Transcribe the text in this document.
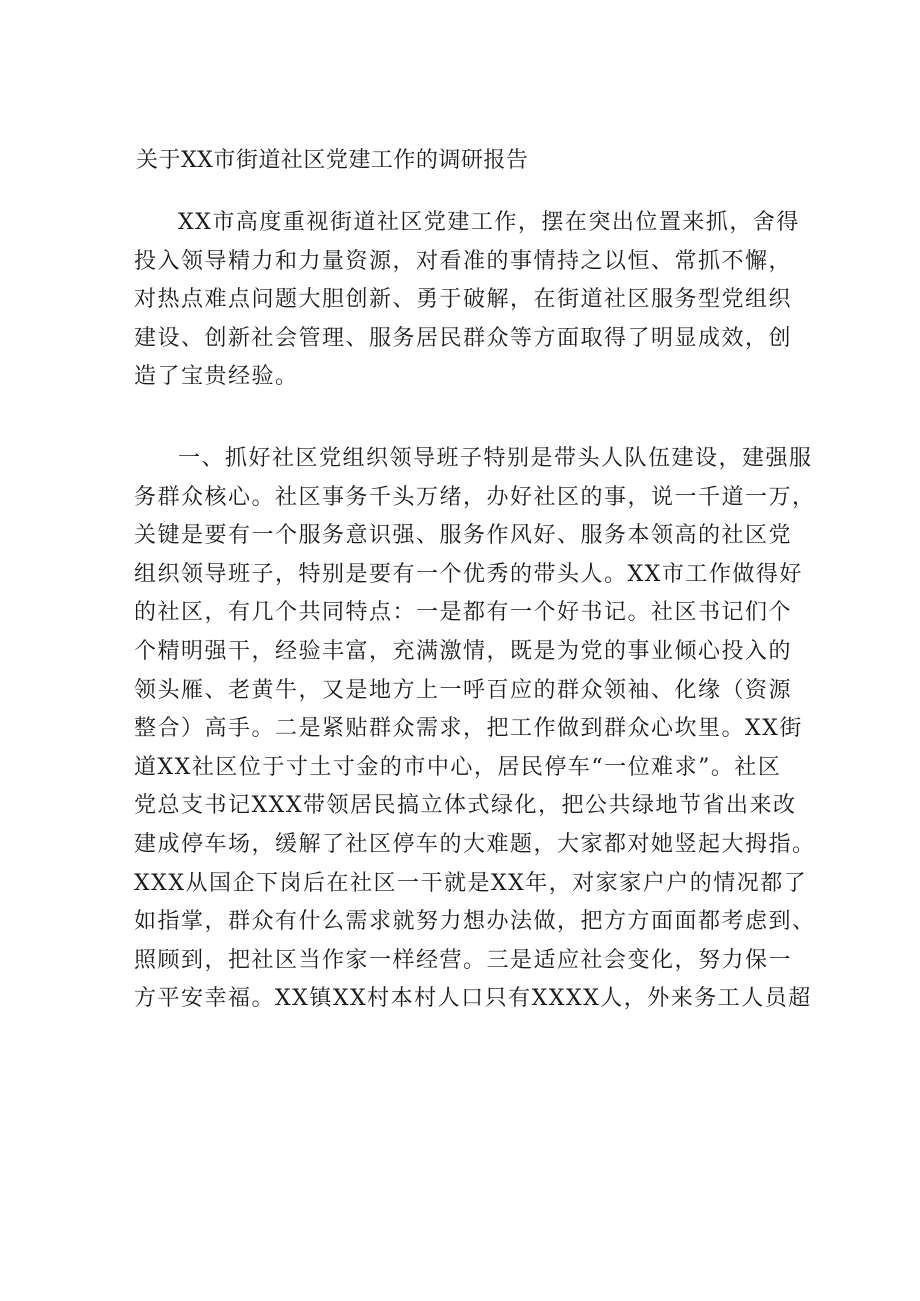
关于XX市街道社区党建工作的调研报告
XX市高度重视街道社区党建工作，摆在突出位置来抓，舍得
投入领导精力和力量资源，对看准的事情持之以恒、常抓不懈，
对热点难点问题大胆创新、勇于破解，在街道社区服务型党组织
建设、创新社会管理、服务居民群众等方面取得了明显成效，创
造了宝贵经验。
一、抓好社区党组织领导班子特别是带头人队伍建设，建强服
务群众核心。社区事务千头万绪，办好社区的事，说一千道一万，
关键是要有一个服务意识强、服务作风好、服务本领高的社区党
组织领导班子，特别是要有一个优秀的带头人。XX市工作做得好
的社区，有几个共同特点：一是都有一个好书记。社区书记们个
个精明强干，经验丰富，充满激情，既是为党的事业倾心投入的
领头雁、老黄牛，又是地方上一呼百应的群众领袖、化缘（资源
整合）高手。二是紧贴群众需求，把工作做到群众心坎里。XX街
道XX社区位于寸土寸金的市中心，居民停车“一位难求”。社区
党总支书记XXX带领居民搞立体式绿化，把公共绿地节省出来改
建成停车场，缓解了社区停车的大难题，大家都对她竖起大拇指。
XXX从国企下岗后在社区一干就是XX年，对家家户户的情况都了
如指掌，群众有什么需求就努力想办法做，把方方面面都考虑到、
照顾到，把社区当作家一样经营。三是适应社会变化，努力保一
方平安幸福。XX镇XX村本村人口只有XXXX人，外来务工人员超
